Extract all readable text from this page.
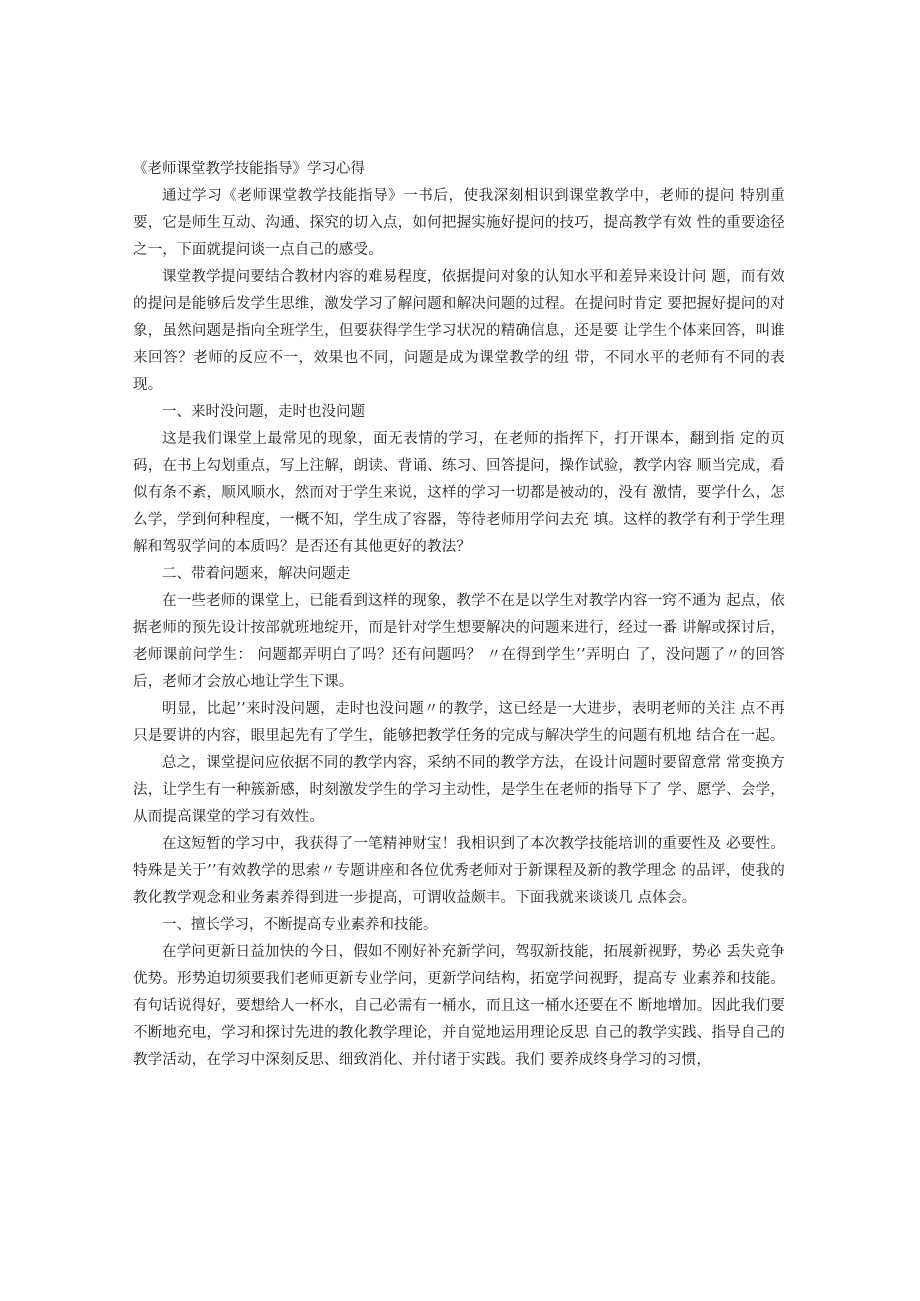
《老师课堂教学技能指导》学习心得

通过学习《老师课堂教学技能指导》一书后，使我深刻相识到课堂教学中，老师的提问 特别重要，它是师生互动、沟通、探究的切入点，如何把握实施好提问的技巧，提高教学有效 性的重要途径之一，下面就提问谈一点自己的感受。

课堂教学提问要结合教材内容的难易程度，依据提问对象的认知水平和差异来设计问 题，而有效的提问是能够后发学生思维，激发学习了解问题和解决问题的过程。在提问时肯定 要把握好提问的对象，虽然问题是指向全班学生，但要获得学生学习状况的精确信息，还是要 让学生个体来回答，叫谁来回答？老师的反应不一，效果也不同，问题是成为课堂教学的纽 带，不同水平的老师有不同的表现。

一、来时没问题，走时也没问题

这是我们课堂上最常见的现象，面无表情的学习，在老师的指挥下，打开课本，翻到指 定的页码，在书上勾划重点，写上注解，朗读、背诵、练习、回答提问，操作试验，教学内容 顺当完成，看似有条不紊，顺风顺水，然而对于学生来说，这样的学习一切都是被动的，没有 激情，要学什么，怎么学，学到何种程度，一概不知，学生成了容器，等待老师用学问去充 填。这样的教学有利于学生理解和驾驭学问的本质吗？是否还有其他更好的教法？

二、带着问题来，解决问题走

在一些老师的课堂上，已能看到这样的现象，教学不在是以学生对教学内容一窍不通为 起点，依据老师的预先设计按部就班地绽开，而是针对学生想要解决的问题来进行，经过一番 讲解或探讨后，老师课前问学生： 问题都弄明白了吗？还有问题吗？ 〃在得到学生’’弄明白 了，没问题了〃的回答后，老师才会放心地让学生下课。

明显，比起’’来时没问题，走时也没问题〃的教学，这已经是一大进步，表明老师的关注 点不再只是要讲的内容，眼里起先有了学生，能够把教学任务的完成与解决学生的问题有机地 结合在一起。

总之，课堂提问应依据不同的教学内容，采纳不同的教学方法，在设计问题时要留意常 常变换方法，让学生有一种簇新感，时刻激发学生的学习主动性，是学生在老师的指导下了 学、愿学、会学，从而提高课堂的学习有效性。

在这短暂的学习中，我获得了一笔精神财宝！我相识到了本次教学技能培训的重要性及 必要性。特殊是关于’’有效教学的思索〃专题讲座和各位优秀老师对于新课程及新的教学理念 的品评，使我的教化教学观念和业务素养得到进一步提高，可谓收益颇丰。下面我就来谈谈几 点体会。

一、擅长学习，不断提高专业素养和技能。

在学问更新日益加快的今日，假如不刚好补充新学问，驾驭新技能，拓展新视野，势必 丢失竞争优势。形势迫切须要我们老师更新专业学问，更新学问结构，拓宽学问视野，提高专 业素养和技能。有句话说得好，要想给人一杯水，自己必需有一桶水，而且这一桶水还要在不 断地增加。因此我们要不断地充电，学习和探讨先进的教化教学理论，并自觉地运用理论反思 自己的教学实践、指导自己的教学活动，在学习中深刻反思、细致消化、并付诸于实践。我们 要养成终身学习的习惯，
